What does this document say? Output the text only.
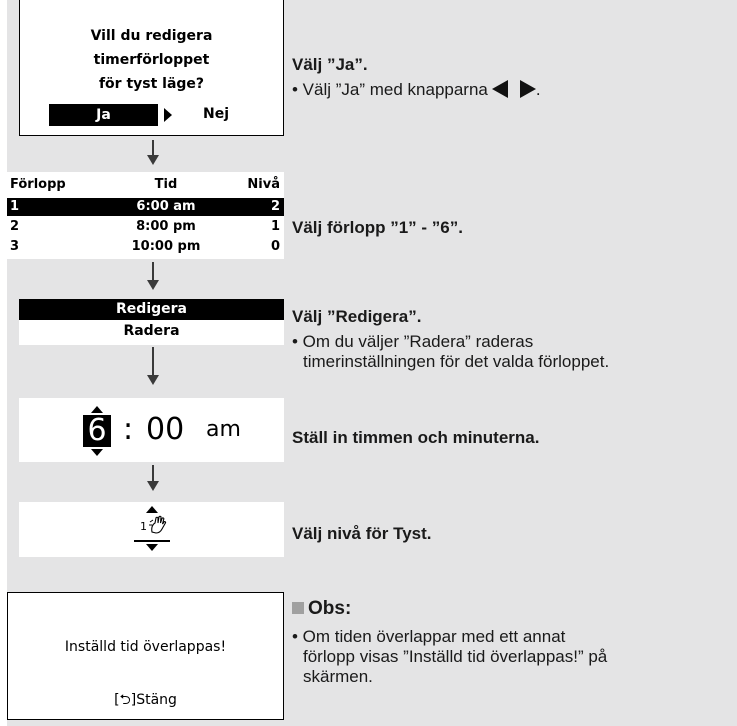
Vill du redigera
timerförloppet
för tyst läge?
Ja	Nej
Förlopp	Tid	Nivå
1	6:00 am	2
2	8:00 pm	1
3	10:00 pm	0
Redigera
Radera
6 : 00 am
1
Inställd tid överlappas!
[⮌]Stäng
Välj ”Ja”.
• Välj ”Ja” med knapparna	.
Välj förlopp ”1” - ”6”.
Välj ”Redigera”.
• Om du väljer ”Radera” raderas
timerinställningen för det valda förloppet.
Ställ in timmen och minuterna.
Välj nivå för Tyst.
Obs:
• Om tiden överlappar med ett annat
förlopp visas ”Inställd tid överlappas!” på
skärmen.
